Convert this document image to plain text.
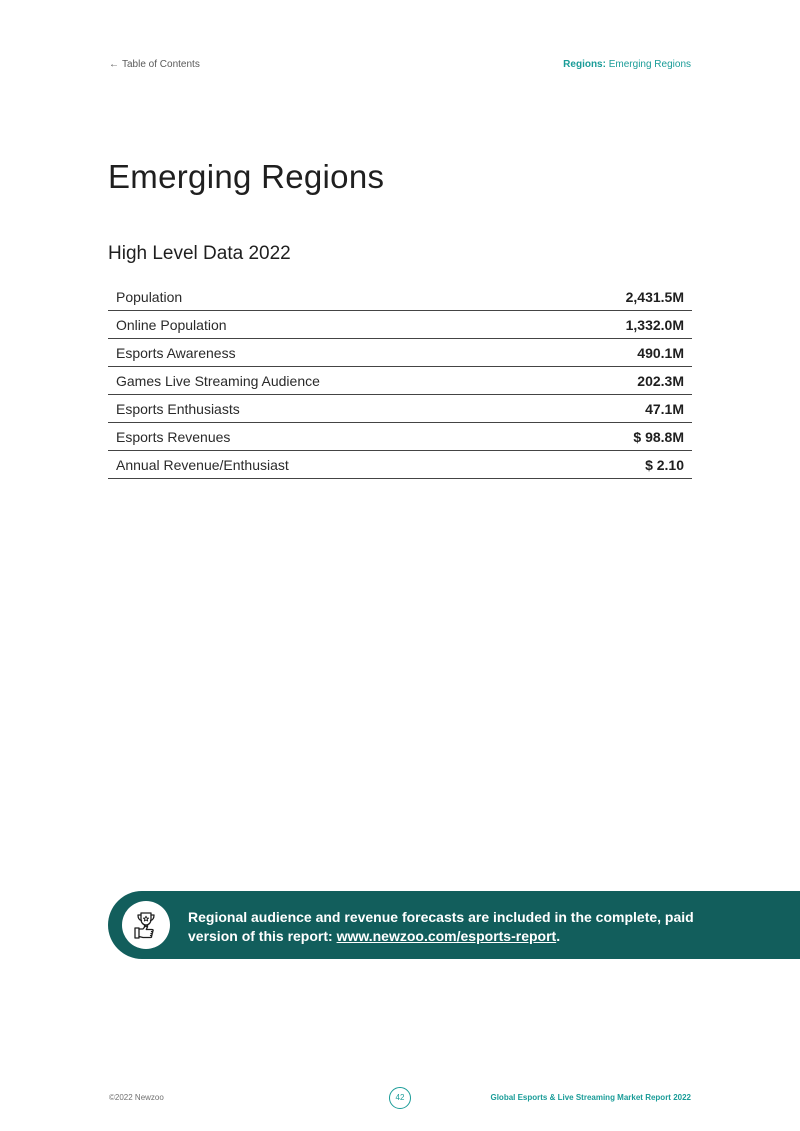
← Table of Contents	Regions: Emerging Regions
Emerging Regions
High Level Data 2022
Population	2,431.5M
Online Population	1,332.0M
Esports Awareness	490.1M
Games Live Streaming Audience	202.3M
Esports Enthusiasts	47.1M
Esports Revenues	$ 98.8M
Annual Revenue/Enthusiast	$ 2.10
Regional audience and revenue forecasts are included in the complete, paid version of this report: www.newzoo.com/esports-report.
©2022 Newzoo	42	Global Esports & Live Streaming Market Report 2022
